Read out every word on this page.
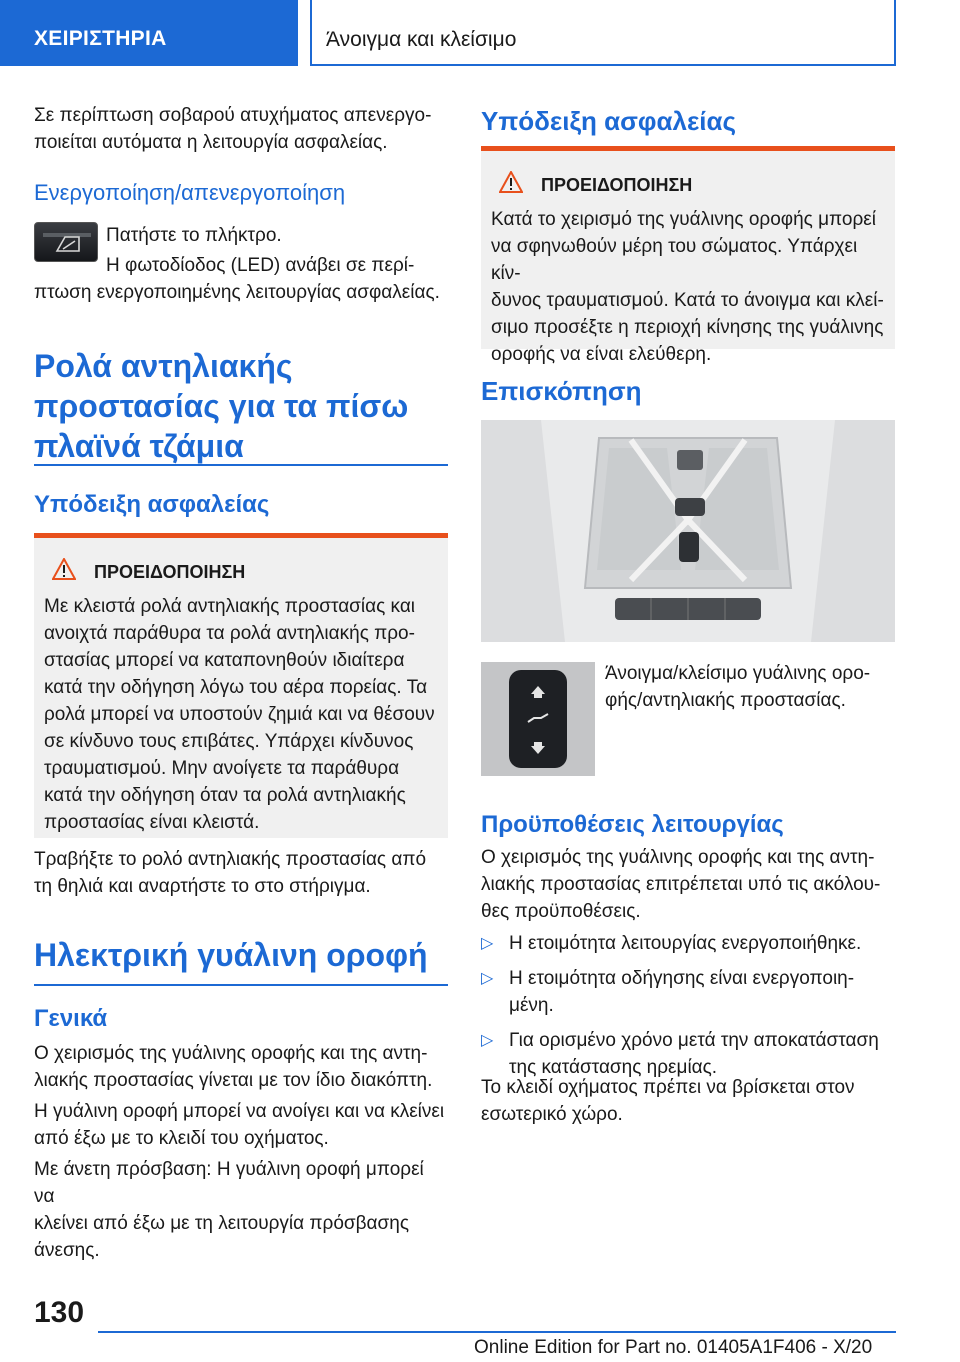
ΧΕΙΡΙΣΤΗΡΙΑ	Άνοιγμα και κλείσιμο

Σε περίπτωση σοβαρού ατυχήματος απενεργο-
ποιείται αυτόματα η λειτουργία ασφαλείας.

Ενεργοποίηση/απενεργοποίηση

Πατήστε το πλήκτρο.

Η φωτοδίοδος (LED) ανάβει σε περί-
πτωση ενεργοποιημένης λειτουργίας ασφαλείας.

Ρολά αντηλιακής
προστασίας για τα πίσω
πλαϊνά τζάμια
Υπόδειξη ασφαλείας
ΠΡΟΕΙΔΟΠΟΙΗΣΗ

Με κλειστά ρολά αντηλιακής προστασίας και
ανοιχτά παράθυρα τα ρολά αντηλιακής προ-
στασίας μπορεί να καταπονηθούν ιδιαίτερα
κατά την οδήγηση λόγω του αέρα πορείας. Τα
ρολά μπορεί να υποστούν ζημιά και να θέσουν
σε κίνδυνο τους επιβάτες. Υπάρχει κίνδυνος
τραυματισμού. Μην ανοίγετε τα παράθυρα
κατά την οδήγηση όταν τα ρολά αντηλιακής
προστασίας είναι κλειστά.

Τραβήξτε το ρολό αντηλιακής προστασίας από
τη θηλιά και αναρτήστε το στο στήριγμα.

Ηλεκτρική γυάλινη οροφή
Γενικά

Ο χειρισμός της γυάλινης οροφής και της αντη-
λιακής προστασίας γίνεται με τον ίδιο διακόπτη.

Η γυάλινη οροφή μπορεί να ανοίγει και να κλείνει
από έξω με το κλειδί του οχήματος.

Με άνετη πρόσβαση: Η γυάλινη οροφή μπορεί να
κλείνει από έξω με τη λειτουργία πρόσβασης
άνεσης.

Υπόδειξη ασφαλείας
ΠΡΟΕΙΔΟΠΟΙΗΣΗ

Κατά το χειρισμό της γυάλινης οροφής μπορεί
να σφηνωθούν μέρη του σώματος. Υπάρχει κίν-
δυνος τραυματισμού. Κατά το άνοιγμα και κλεί-
σιμο προσέξτε η περιοχή κίνησης της γυάλινης
οροφής να είναι ελεύθερη.

Επισκόπηση

Άνοιγμα/κλείσιμο γυάλινης ορο-
φής/αντηλιακής προστασίας.

Προϋποθέσεις λειτουργίας

Ο χειρισμός της γυάλινης οροφής και της αντη-
λιακής προστασίας επιτρέπεται υπό τις ακόλου-
θες προϋποθέσεις.

▷ Η ετοιμότητα λειτουργίας ενεργοποιήθηκε.
▷ Η ετοιμότητα οδήγησης είναι ενεργοποιη-
μένη.
▷ Για ορισμένο χρόνο μετά την αποκατάσταση
της κατάστασης ηρεμίας.

Το κλειδί οχήματος πρέπει να βρίσκεται στον
εσωτερικό χώρο.

130
Online Edition for Part no. 01405A1F406 - X/20
